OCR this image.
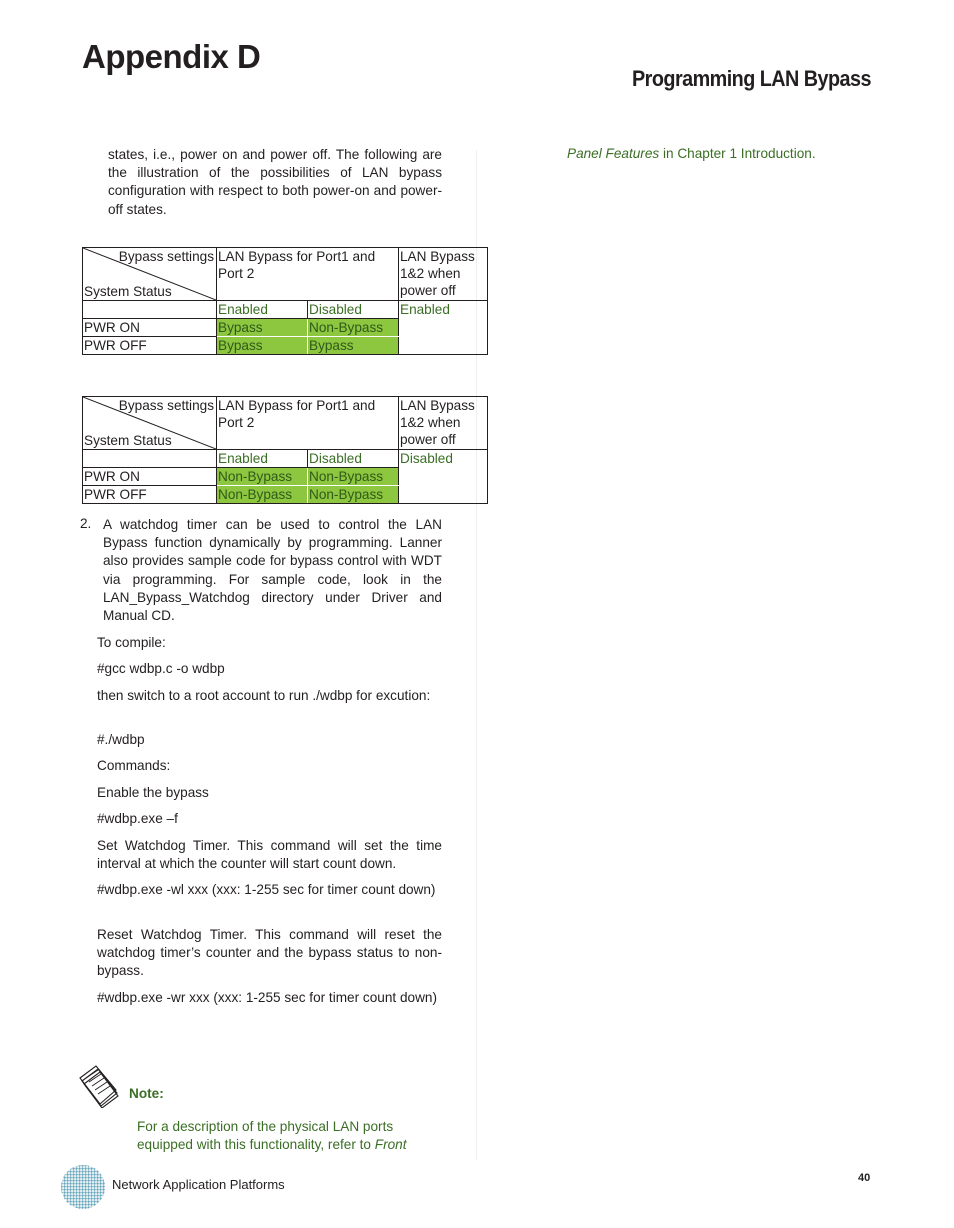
Appendix D
Programming LAN Bypass
states, i.e., power on and power off. The following are the illustration of the possibilities of LAN bypass configuration with respect to both power-on and power-off states.
Panel Features in Chapter 1 Introduction.
Bypass settings
System Status	LAN Bypass for Port1 and Port 2		LAN Bypass 1&2 when power off
	Enabled	Disabled	Enabled
PWR ON	Bypass	Non-Bypass	
PWR OFF	Bypass	Bypass	
Bypass settings
System Status	LAN Bypass for Port1 and Port 2		LAN Bypass 1&2 when power off
	Enabled	Disabled	Disabled
PWR ON	Non-Bypass	Non-Bypass	
PWR OFF	Non-Bypass	Non-Bypass	
2. A watchdog timer can be used to control the LAN Bypass function dynamically by programming. Lanner also provides sample code for bypass control with WDT via programming. For sample code, look in the LAN_Bypass_Watchdog directory under Driver and Manual CD.
To compile:
#gcc wdbp.c -o wdbp
then switch to a root account to run ./wdbp for excution:
#./wdbp
Commands:
Enable the bypass
#wdbp.exe –f
Set Watchdog Timer. This command will set the time interval at which the counter will start count down.
#wdbp.exe -wl xxx (xxx: 1-255 sec for timer count down)
Reset Watchdog Timer. This command will reset the watchdog timer’s counter and the bypass status to non-bypass.
#wdbp.exe -wr xxx (xxx: 1-255 sec for timer count down)
Note:
For a description of the physical LAN ports equipped with this functionality, refer to Front
Network Application Platforms	40
